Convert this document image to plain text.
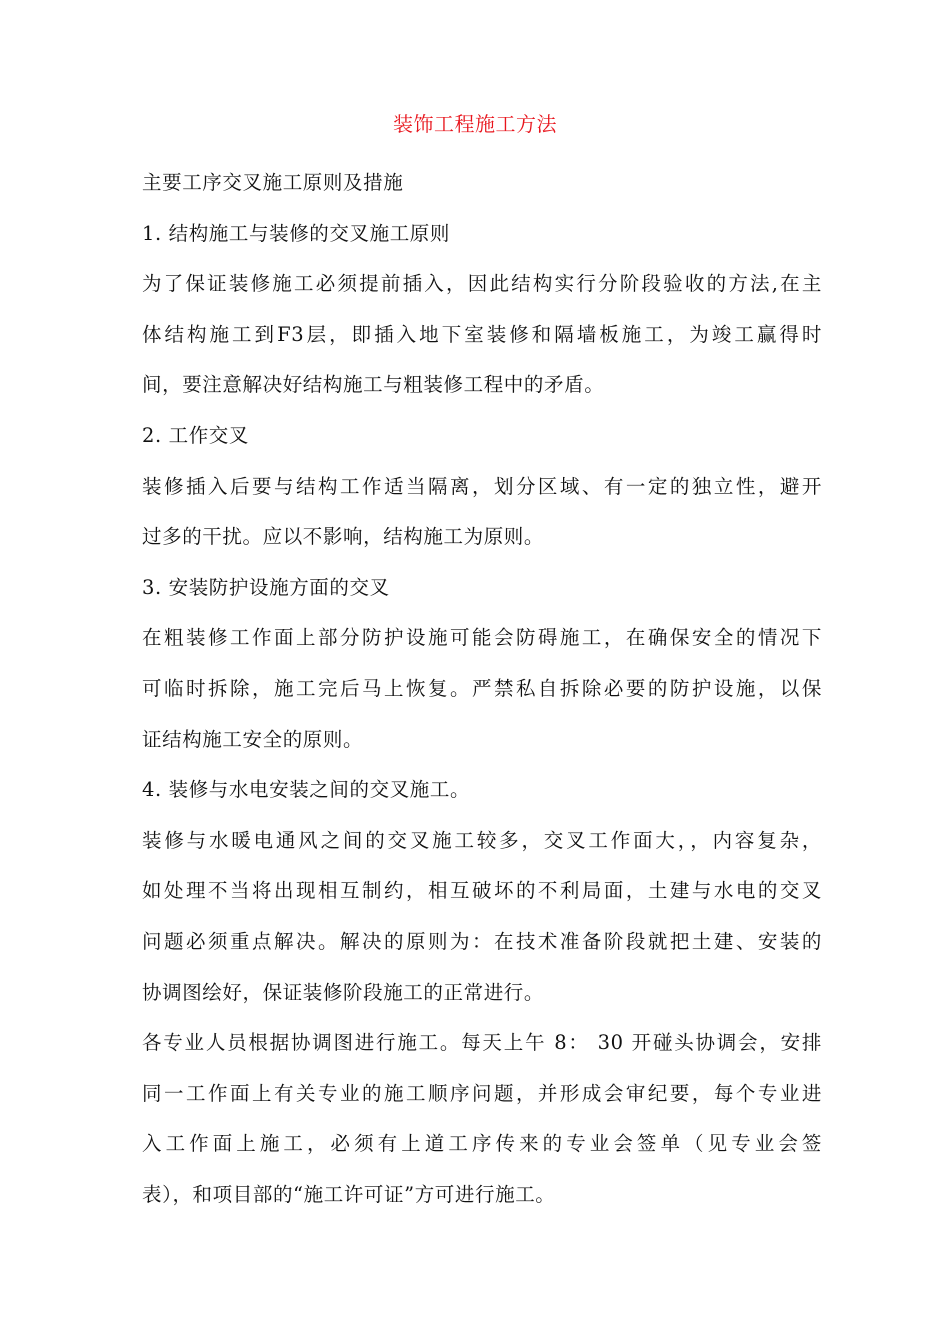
装饰工程施工方法
主要工序交叉施工原则及措施
1. 结构施工与装修的交叉施工原则
为了保证装修施工必须提前插入，因此结构实行分阶段验收的方法,在主
体结构施工到F3层，即插入地下室装修和隔墙板施工，为竣工赢得时
间，要注意解决好结构施工与粗装修工程中的矛盾。
2. 工作交叉
装修插入后要与结构工作适当隔离，划分区域、有一定的独立性，避开
过多的干扰。应以不影响，结构施工为原则。
3. 安装防护设施方面的交叉
在粗装修工作面上部分防护设施可能会防碍施工，在确保安全的情况下
可临时拆除，施工完后马上恢复。严禁私自拆除必要的防护设施，以保
证结构施工安全的原则。
4. 装修与水电安装之间的交叉施工。
装修与水暖电通风之间的交叉施工较多，交叉工作面大，，内容复杂，
如处理不当将出现相互制约，相互破坏的不利局面，土建与水电的交叉
问题必须重点解决。解决的原则为：在技术准备阶段就把土建、安装的
协调图绘好，保证装修阶段施工的正常进行。
各专业人员根据协调图进行施工。每天上午 8： 30 开碰头协调会，安排
同一工作面上有关专业的施工顺序问题，并形成会审纪要，每个专业进
入工作面上施工，必须有上道工序传来的专业会签单（见专业会签
表），和项目部的“施工许可证”方可进行施工。
